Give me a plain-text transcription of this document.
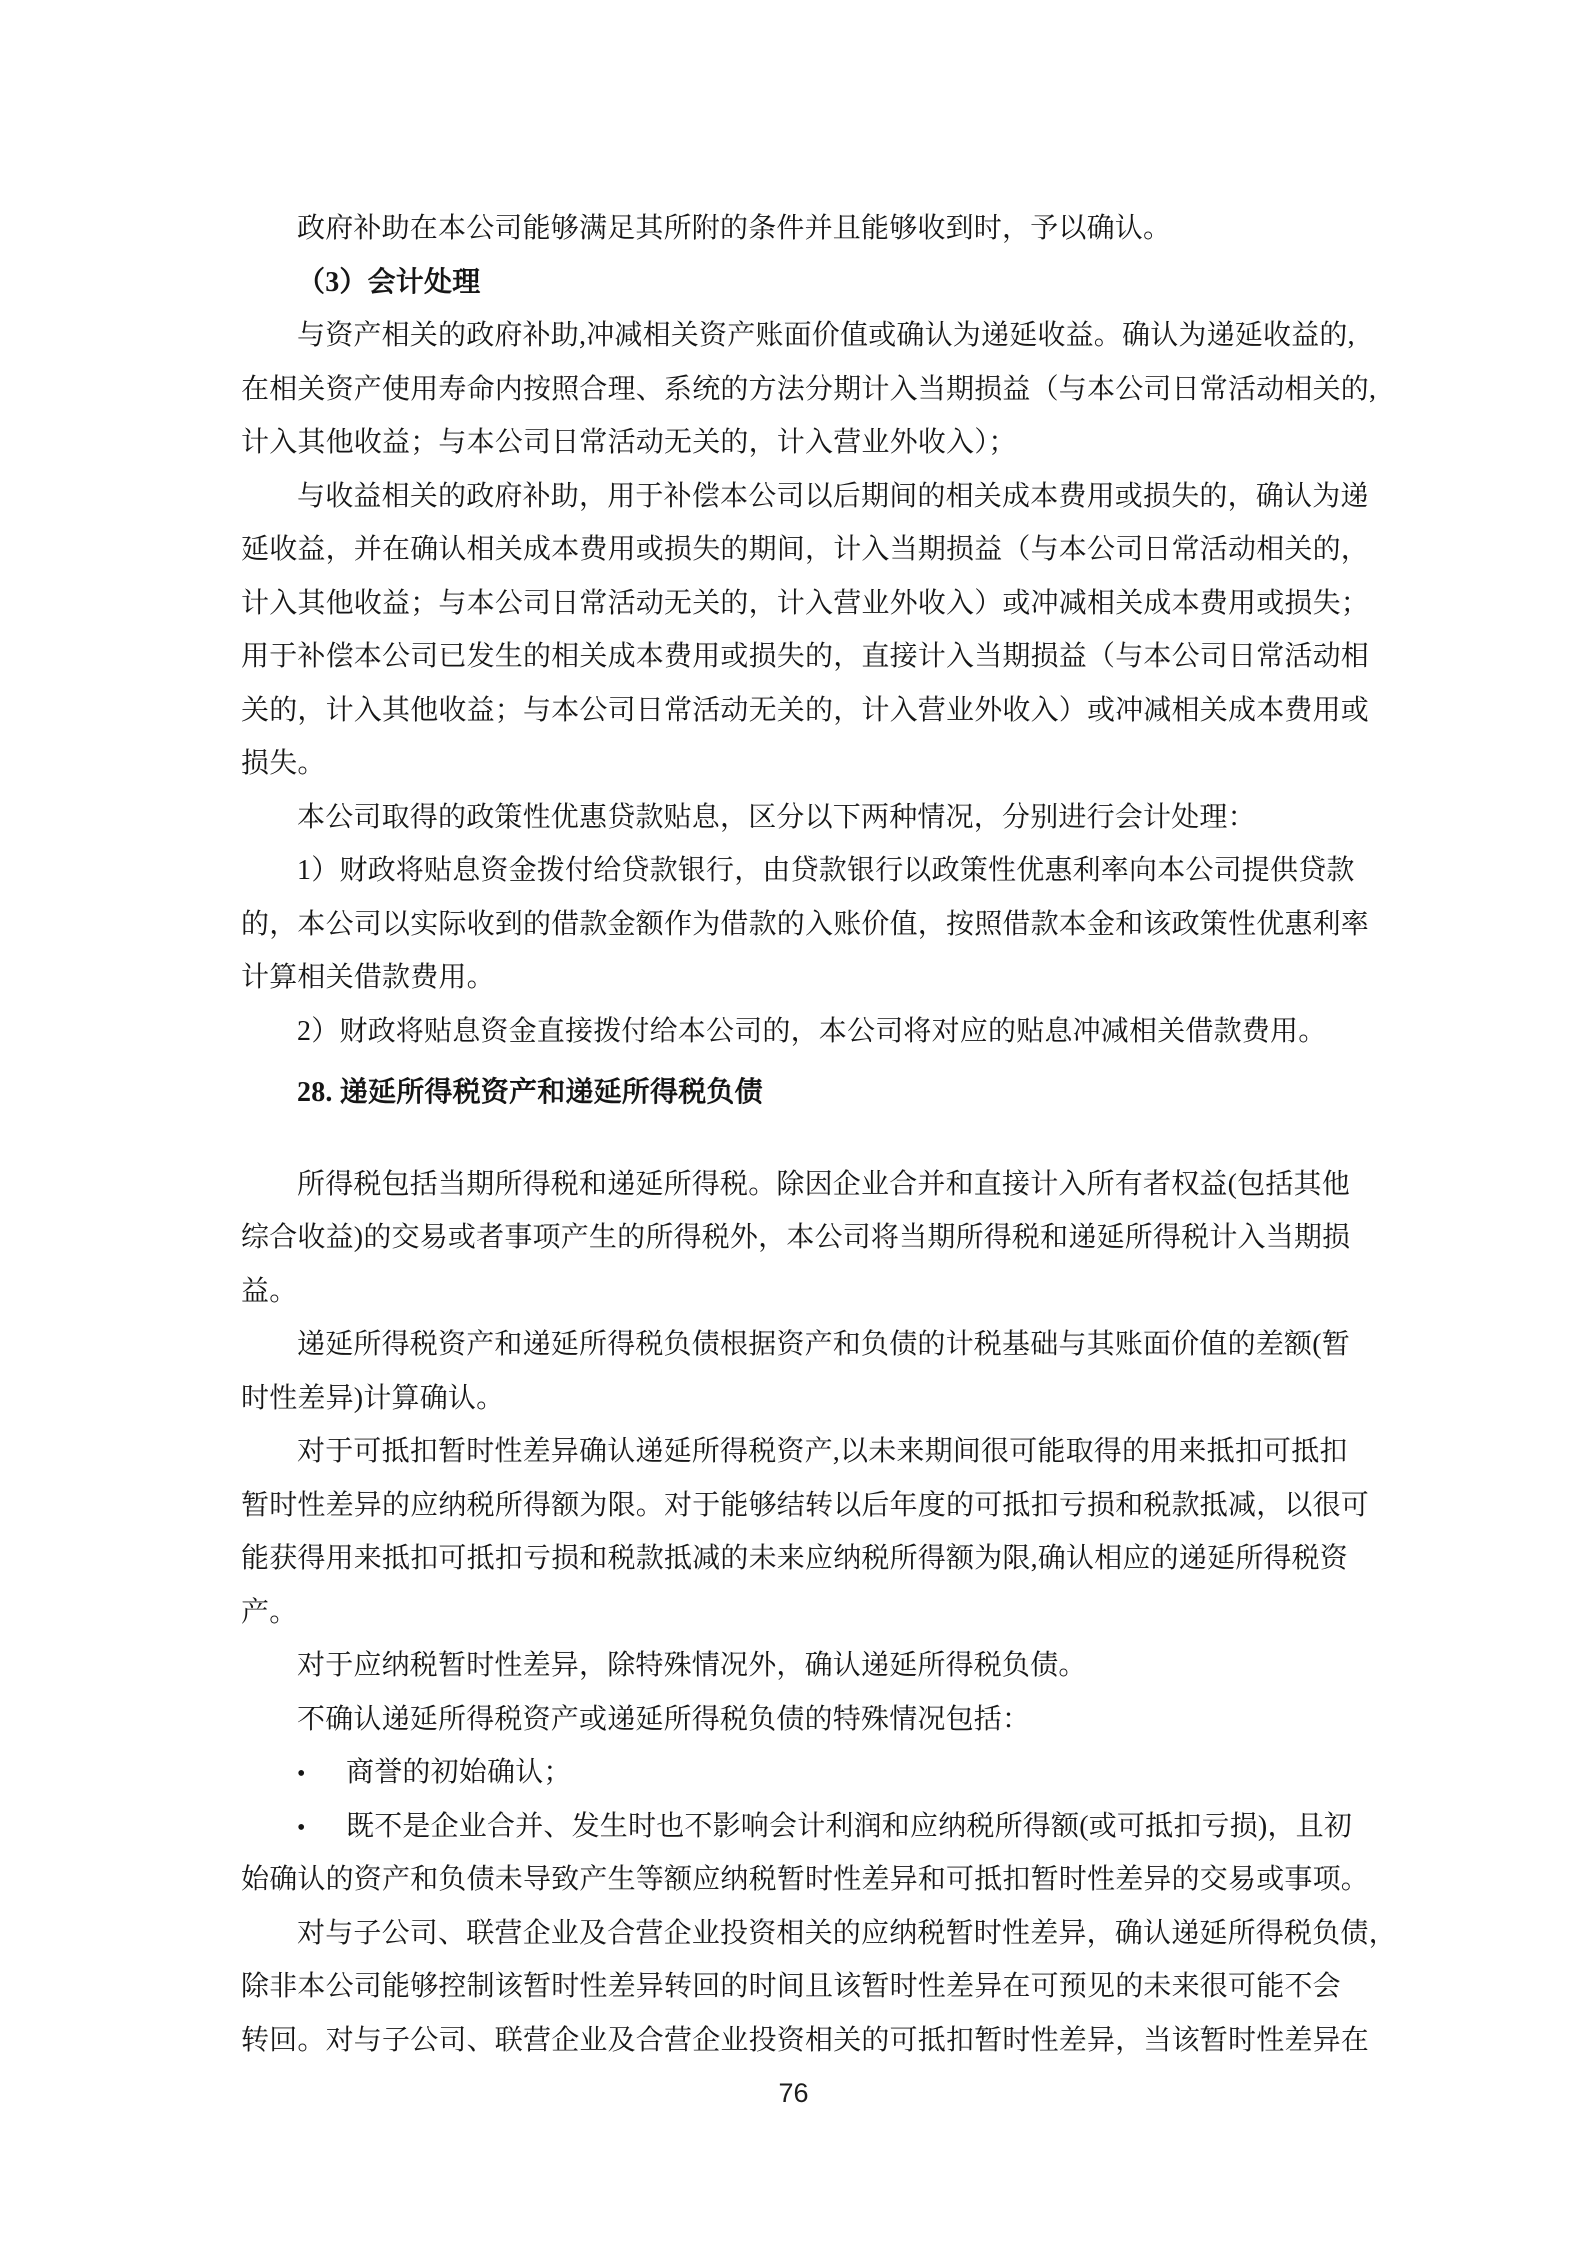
政府补助在本公司能够满足其所附的条件并且能够收到时，予以确认。
（3）会计处理
与资产相关的政府补助,冲减相关资产账面价值或确认为递延收益。确认为递延收益的,
在相关资产使用寿命内按照合理、系统的方法分期计入当期损益（与本公司日常活动相关的,
计入其他收益；与本公司日常活动无关的，计入营业外收入）；
与收益相关的政府补助，用于补偿本公司以后期间的相关成本费用或损失的，确认为递
延收益，并在确认相关成本费用或损失的期间，计入当期损益（与本公司日常活动相关的，
计入其他收益；与本公司日常活动无关的，计入营业外收入）或冲减相关成本费用或损失；
用于补偿本公司已发生的相关成本费用或损失的，直接计入当期损益（与本公司日常活动相
关的，计入其他收益；与本公司日常活动无关的，计入营业外收入）或冲减相关成本费用或
损失。
本公司取得的政策性优惠贷款贴息，区分以下两种情况，分别进行会计处理：
1）财政将贴息资金拨付给贷款银行，由贷款银行以政策性优惠利率向本公司提供贷款
的，本公司以实际收到的借款金额作为借款的入账价值，按照借款本金和该政策性优惠利率
计算相关借款费用。
2）财政将贴息资金直接拨付给本公司的，本公司将对应的贴息冲减相关借款费用。
28. 递延所得税资产和递延所得税负债
所得税包括当期所得税和递延所得税。除因企业合并和直接计入所有者权益(包括其他
综合收益)的交易或者事项产生的所得税外，本公司将当期所得税和递延所得税计入当期损
益。
递延所得税资产和递延所得税负债根据资产和负债的计税基础与其账面价值的差额(暂
时性差异)计算确认。
对于可抵扣暂时性差异确认递延所得税资产,以未来期间很可能取得的用来抵扣可抵扣
暂时性差异的应纳税所得额为限。对于能够结转以后年度的可抵扣亏损和税款抵减，以很可
能获得用来抵扣可抵扣亏损和税款抵减的未来应纳税所得额为限,确认相应的递延所得税资
产。
对于应纳税暂时性差异，除特殊情况外，确认递延所得税负债。
不确认递延所得税资产或递延所得税负债的特殊情况包括：
• 商誉的初始确认；
• 既不是企业合并、发生时也不影响会计利润和应纳税所得额(或可抵扣亏损)，且初
始确认的资产和负债未导致产生等额应纳税暂时性差异和可抵扣暂时性差异的交易或事项。
对与子公司、联营企业及合营企业投资相关的应纳税暂时性差异，确认递延所得税负债，
除非本公司能够控制该暂时性差异转回的时间且该暂时性差异在可预见的未来很可能不会
转回。对与子公司、联营企业及合营企业投资相关的可抵扣暂时性差异，当该暂时性差异在
76
